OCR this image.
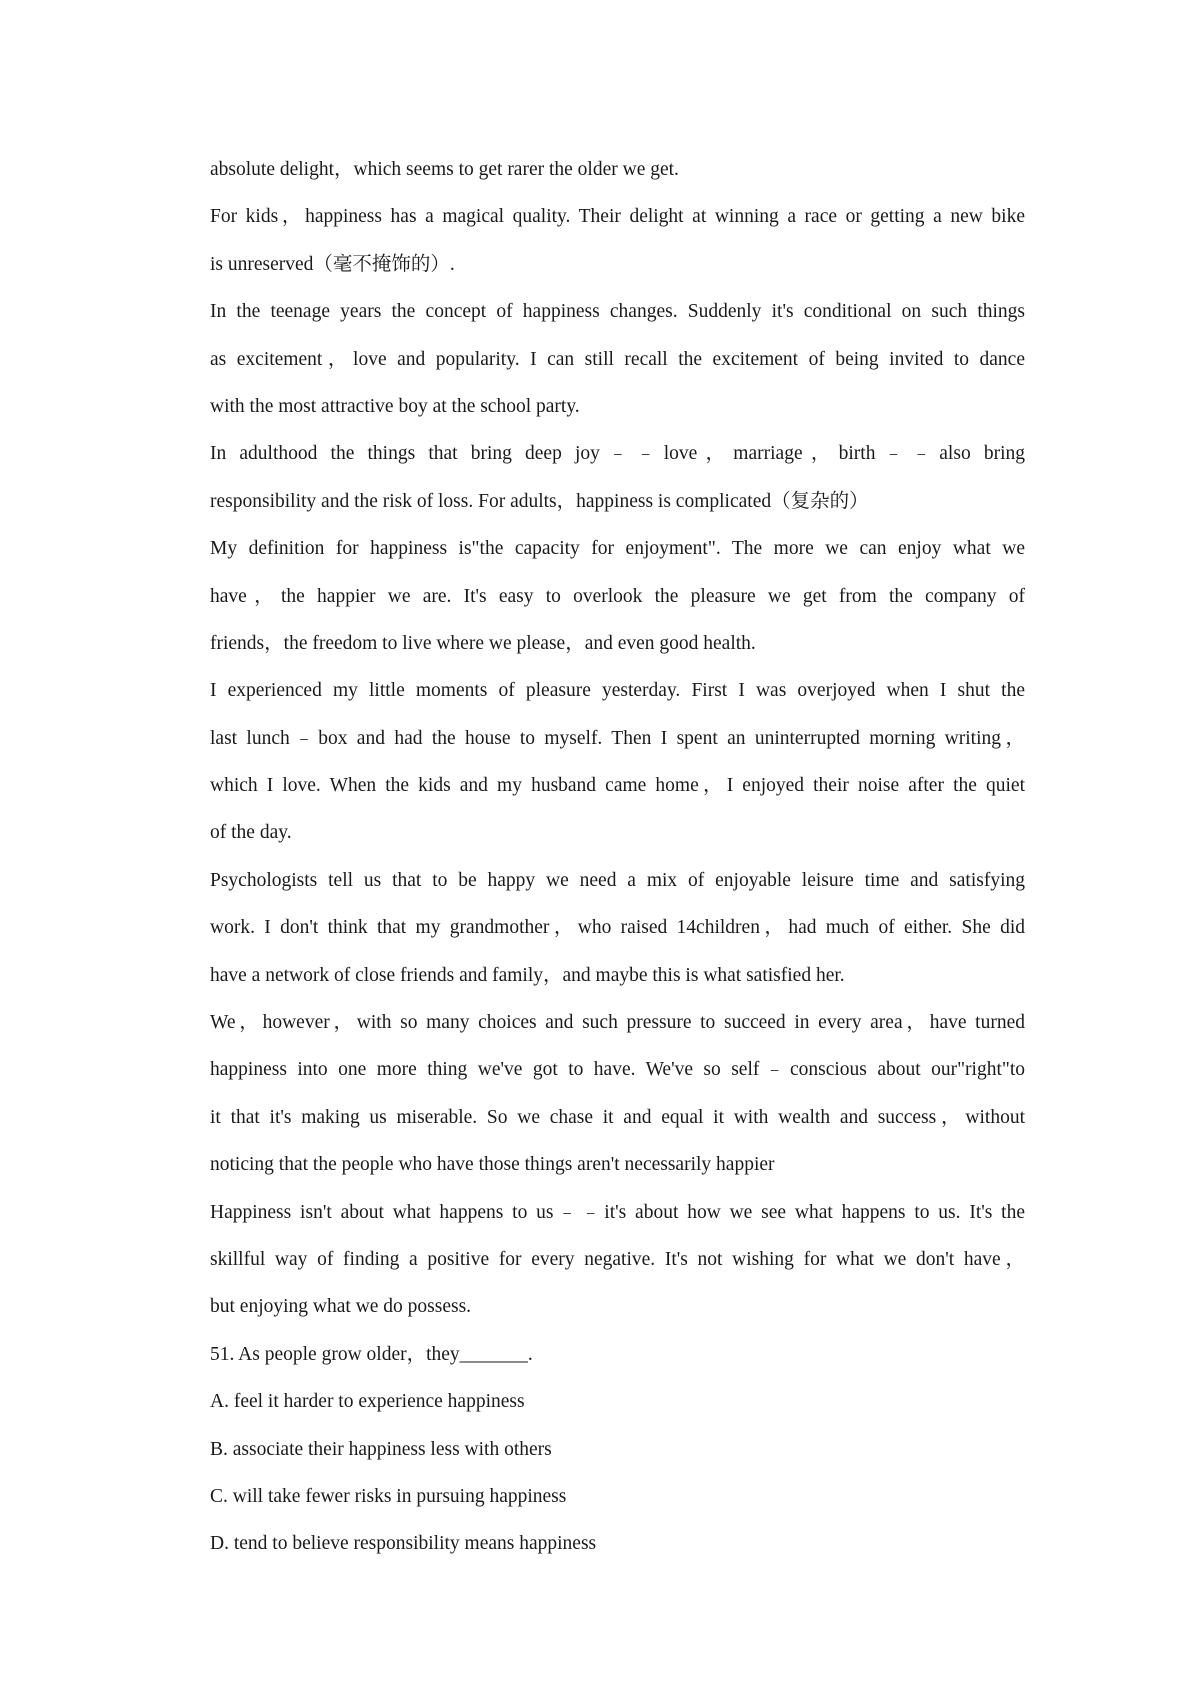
absolute delight，which seems to get rarer the older we get.
For kids，happiness has a magical quality. Their delight at winning a race or getting a new bike
is unreserved（毫不掩饰的）.
In the teenage years the concept of happiness changes. Suddenly it's conditional on such things
as excitement，love and popularity. I can still recall the excitement of being invited to dance
with the most attractive boy at the school party.
In adulthood the things that bring deep joy﹣﹣love，marriage，birth﹣﹣also bring
responsibility and the risk of loss. For adults，happiness is complicated（复杂的）
My definition for happiness is"the capacity for enjoyment". The more we can enjoy what we
have，the happier we are. It's easy to overlook the pleasure we get from the company of
friends，the freedom to live where we please，and even good health.
I experienced my little moments of pleasure yesterday. First I was overjoyed when I shut the
last lunch﹣box and had the house to myself. Then I spent an uninterrupted morning writing，
which I love. When the kids and my husband came home，I enjoyed their noise after the quiet
of the day.
Psychologists tell us that to be happy we need a mix of enjoyable leisure time and satisfying
work. I don't think that my grandmother，who raised 14children，had much of either. She did
have a network of close friends and family，and maybe this is what satisfied her.
We，however，with so many choices and such pressure to succeed in every area，have turned
happiness into one more thing we've got to have. We've so self﹣conscious about our"right"to
it that it's making us miserable. So we chase it and equal it with wealth and success，without
noticing that the people who have those things aren't necessarily happier
Happiness isn't about what happens to us﹣﹣it's about how we see what happens to us. It's the
skillful way of finding a positive for every negative. It's not wishing for what we don't have，
but enjoying what we do possess.
51. As people grow older，they_______.
A. feel it harder to experience happiness
B. associate their happiness less with others
C. will take fewer risks in pursuing happiness
D. tend to believe responsibility means happiness
